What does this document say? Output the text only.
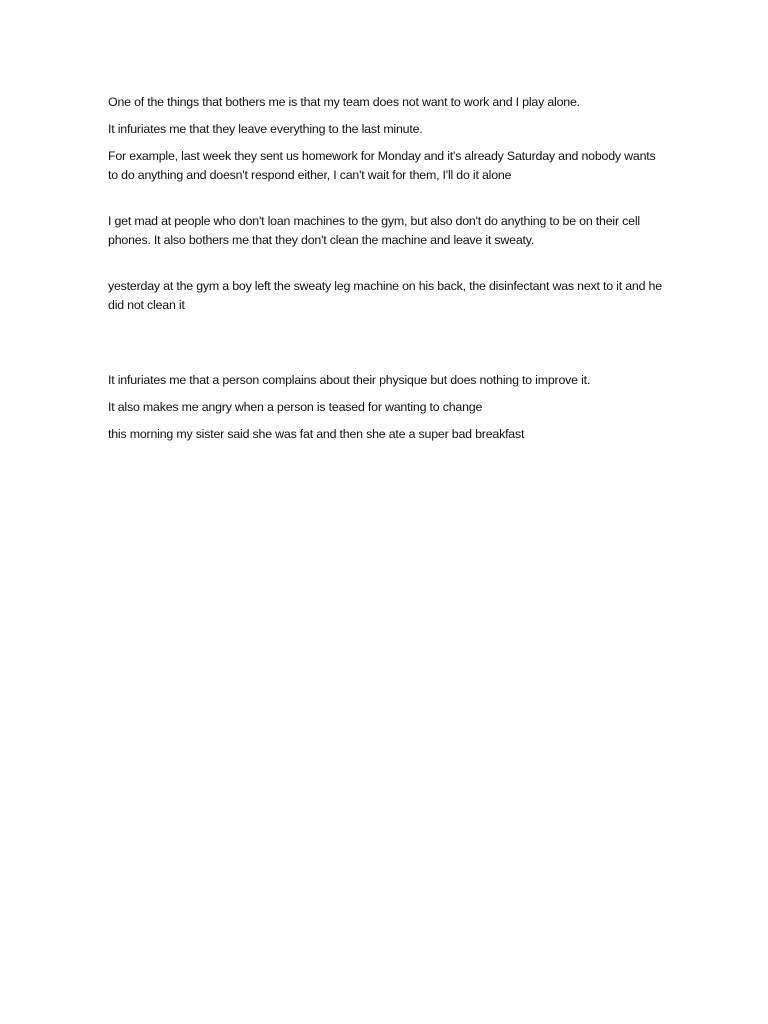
One of the things that bothers me is that my team does not want to work and I play alone.

It infuriates me that they leave everything to the last minute.

For example, last week they sent us homework for Monday and it's already Saturday and nobody wants to do anything and doesn't respond either, I can't wait for them, I'll do it alone

I get mad at people who don't loan machines to the gym, but also don't do anything to be on their cell phones. It also bothers me that they don't clean the machine and leave it sweaty.

yesterday at the gym a boy left the sweaty leg machine on his back, the disinfectant was next to it and he did not clean it

It infuriates me that a person complains about their physique but does nothing to improve it.

It also makes me angry when a person is teased for wanting to change

this morning my sister said she was fat and then she ate a super bad breakfast
